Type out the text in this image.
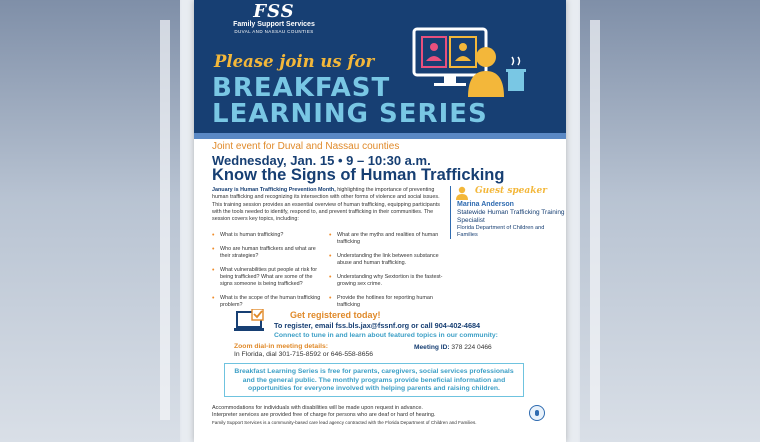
FSS
Family Support Services
DUVAL AND NASSAU COUNTIES
Please join us for
BREAKFAST
LEARNING SERIES
Joint event for Duval and Nassau counties
Wednesday, Jan. 15 • 9 – 10:30 a.m.
Know the Signs of Human Trafficking
January is Human Trafficking Prevention Month, highlighting the importance of preventing human trafficking and recognizing its intersection with other forms of violence and social issues. This training session provides an essential overview of human trafficking, equipping participants with the tools needed to identify, respond to, and prevent trafficking in their communities. The session covers key topics, including:
• What is human trafficking?
• Who are human traffickers and what are their strategies?
• What vulnerabilities put people at risk for being trafficked? What are some of the signs someone is being trafficked?
• What is the scope of the human trafficking problem?
• What are the myths and realities of human trafficking
• Understanding the link between substance abuse and human trafficking.
• Understanding why Sextortion is the fastest-growing sex crime.
• Provide the hotlines for reporting human trafficking
Guest speaker
Marina Anderson
Statewide Human Trafficking Training Specialist
Florida Department of Children and Families
Get registered today!
To register, email fss.bls.jax@fssnf.org or call 904-402-4684
Connect to tune in and learn about featured topics in our community:
Zoom dial-in meeting details:
In Florida, dial 301-715-8592 or 646-558-8656
Meeting ID: 378 224 0466
Breakfast Learning Series is free for parents, caregivers, social services professionals and the general public. The monthly programs provide beneficial information and opportunities for everyone involved with helping parents and raising children.
Accommodations for individuals with disabilities will be made upon request in advance.
Interpreter services are provided free of charge for persons who are deaf or hard of hearing.
Family Support Services is a community-based care lead agency contracted with the Florida Department of Children and Families.
